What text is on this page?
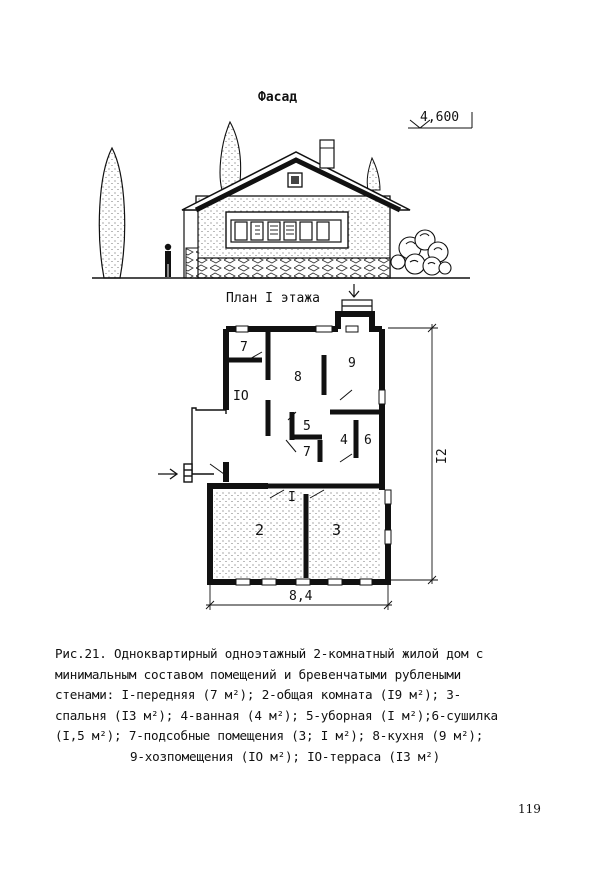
Фасад
4,600
План I этажа
I
2	3
4
5
6
7
7
8
9
IO
8,4
I2

Рис.21. Одноквартирный одноэтажный 2-комнатный жилой дом с

минимальным составом помещений и бревенчатыми рублеными

стенами: I-передняя (7 м²); 2-общая комната (I9 м²); 3-

спальня (I3 м²); 4-ванная (4 м²); 5-уборная (I м²);6-сушилка

(I,5 м²); 7-подсобные помещения (3; I м²); 8-кухня (9 м²);

9-хозпомещения (IO м²); IO-терраса (I3 м²)

119
